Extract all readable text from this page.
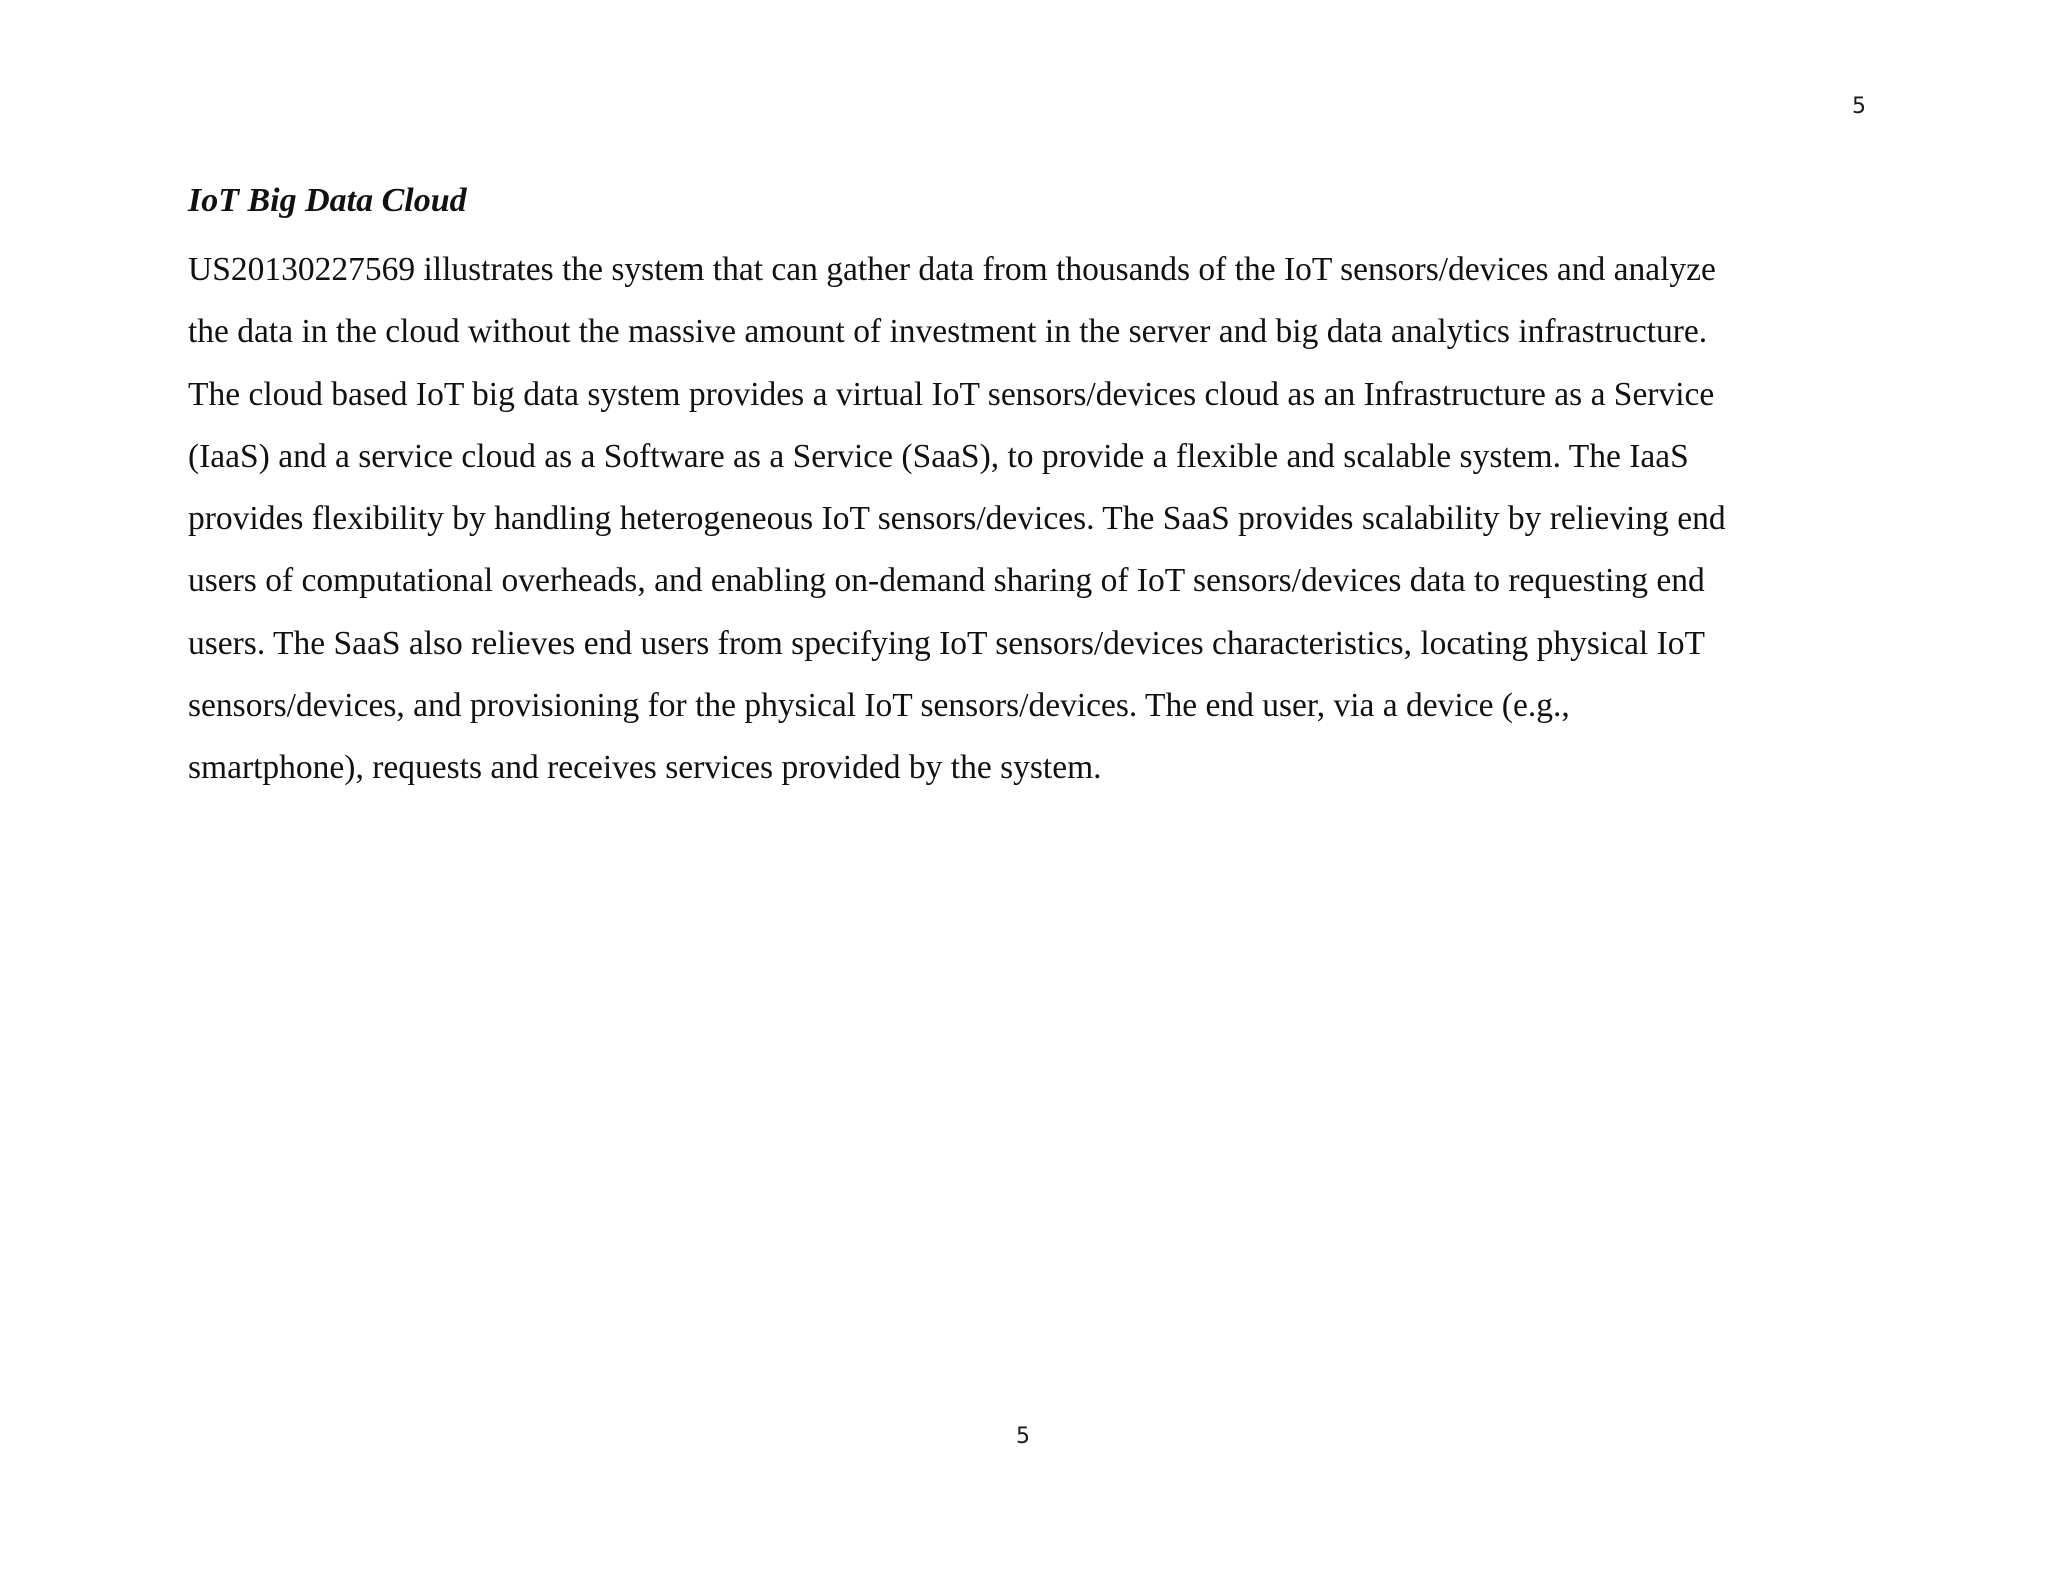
5
IoT Big Data Cloud
US20130227569 illustrates the system that can gather data from thousands of the IoT sensors/devices and analyze
the data in the cloud without the massive amount of investment in the server and big data analytics infrastructure.
The cloud based IoT big data system provides a virtual IoT sensors/devices cloud as an Infrastructure as a Service
(IaaS) and a service cloud as a Software as a Service (SaaS), to provide a flexible and scalable system. The IaaS
provides flexibility by handling heterogeneous IoT sensors/devices. The SaaS provides scalability by relieving end
users of computational overheads, and enabling on-demand sharing of IoT sensors/devices data to requesting end
users. The SaaS also relieves end users from specifying IoT sensors/devices characteristics, locating physical IoT
sensors/devices, and provisioning for the physical IoT sensors/devices. The end user, via a device (e.g.,
smartphone), requests and receives services provided by the system.
5
